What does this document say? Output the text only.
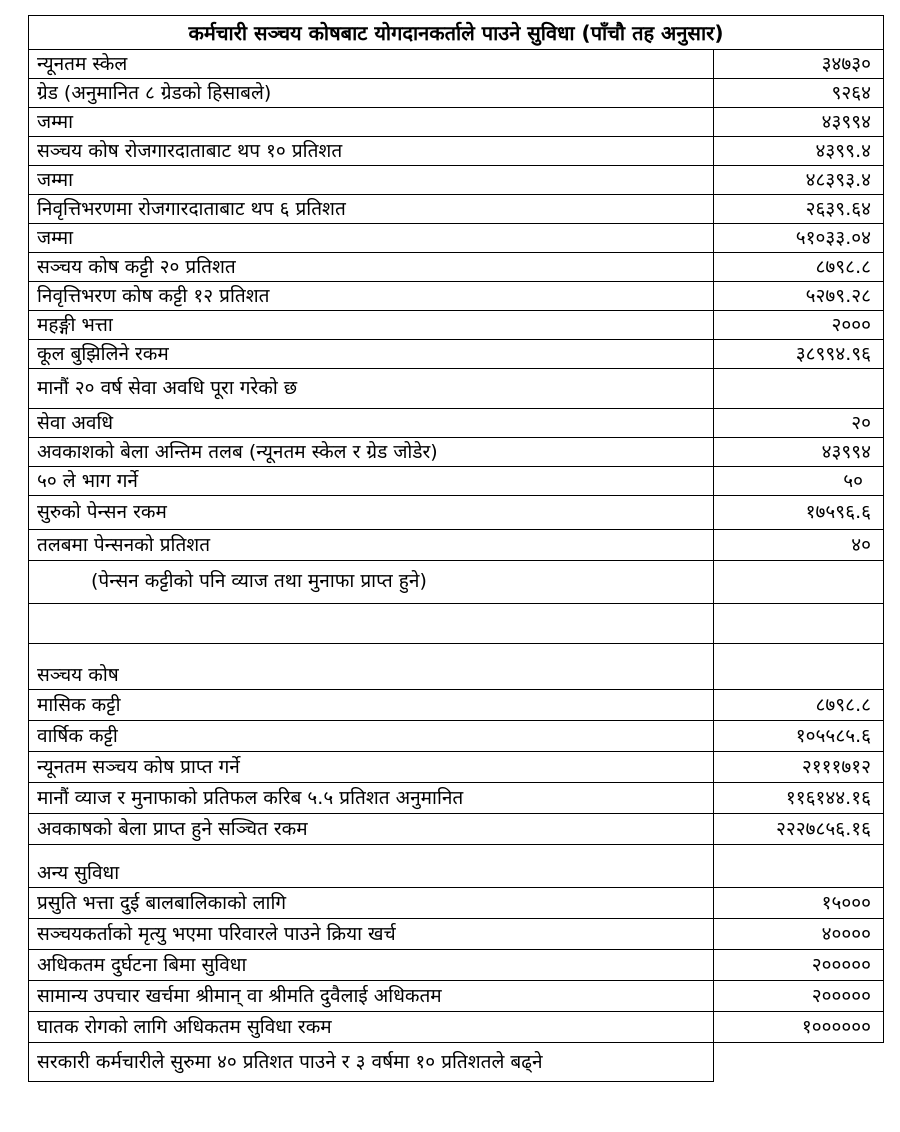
कर्मचारी सञ्चय कोषबाट योगदानकर्ताले पाउने सुविधा (पाँचौ तह अनुसार)	
न्यूनतम स्केल	३४७३०
ग्रेड (अनुमानित ८ ग्रेडको हिसाबले)	९२६४
जम्मा	४३९९४
सञ्चय कोष रोजगारदाताबाट थप १० प्रतिशत	४३९९.४
जम्मा	४८३९३.४
निवृत्तिभरणमा रोजगारदाताबाट थप ६ प्रतिशत	२६३९.६४
जम्मा	५१०३३.०४
सञ्चय कोष कट्टी २० प्रतिशत	८७९८.८
निवृत्तिभरण कोष कट्टी १२ प्रतिशत	५२७९.२८
महङ्गी भत्ता	२०००
कूल बुझिलिने रकम	३८९९४.९६
मानौं २० वर्ष सेवा अवधि पूरा गरेको छ	
सेवा अवधि	२०
अवकाशको बेला अन्तिम तलब (न्यूनतम स्केल र ग्रेड जोडेर)	४३९९४
५० ले भाग गर्ने	५०
सुरुको पेन्सन रकम	१७५९६.६
तलबमा पेन्सनको प्रतिशत	४०
(पेन्सन कट्टीको पनि व्याज तथा मुनाफा प्राप्त हुने)	

सञ्चय कोष	
मासिक कट्टी	८७९८.८
वार्षिक कट्टी	१०५५८५.६
न्यूनतम सञ्चय कोष प्राप्त गर्ने	२१११७१२
मानौं व्याज र मुनाफाको प्रतिफल करिब ५.५ प्रतिशत अनुमानित	११६१४४.१६
अवकाषको बेला प्राप्त हुने सञ्चित रकम	२२२७८५६.१६
अन्य सुविधा	
प्रसुति भत्ता दुई बालबालिकाको लागि	१५०००
सञ्चयकर्ताको मृत्यु भएमा परिवारले पाउने क्रिया खर्च	४००००
अधिकतम दुर्घटना बिमा सुविधा	२०००००
सामान्य उपचार खर्चमा श्रीमान् वा श्रीमति दुवैलाई अधिकतम	२०००००
घातक रोगको लागि अधिकतम सुविधा रकम	१००००००
सरकारी कर्मचारीले सुरुमा ४० प्रतिशत पाउने र ३ वर्षमा १० प्रतिशतले बढ्ने	
